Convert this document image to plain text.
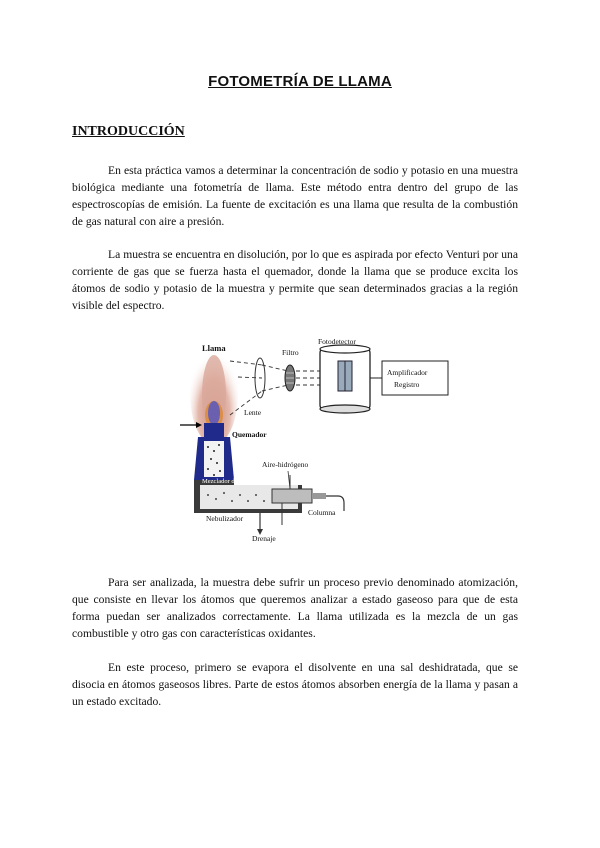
FOTOMETRÍA DE LLAMA
INTRODUCCIÓN

En esta práctica vamos a determinar la concentración de sodio y potasio en una muestra biológica mediante una fotometría de llama. Este método entra dentro del grupo de las espectroscopías de emisión. La fuente de excitación es una llama que resulta de la combustión de gas natural con aire a presión.

La muestra se encuentra en disolución, por lo que es aspirada por efecto Venturi por una corriente de gas que se fuerza hasta el quemador, donde la llama que se produce excita los átomos de sodio y potasio de la muestra y permite que sean determinados gracias a la región visible del espectro.

Llama	Filtro
Fotodetector
Amplificador
Registro
Lente
Quemador
Aire-hidrógeno
Mezclador de gases
Nebulizador
Columna
Drenaje

Para ser analizada, la muestra debe sufrir un proceso previo denominado atomización, que consiste en llevar los átomos que queremos analizar a estado gaseoso para que de esta forma puedan ser analizados correctamente. La llama utilizada es la mezcla de un gas combustible y otro gas con características oxidantes.

En este proceso, primero se evapora el disolvente en una sal deshidratada, que se disocia en átomos gaseosos libres. Parte de estos átomos absorben energía de la llama y pasan a un estado excitado.
